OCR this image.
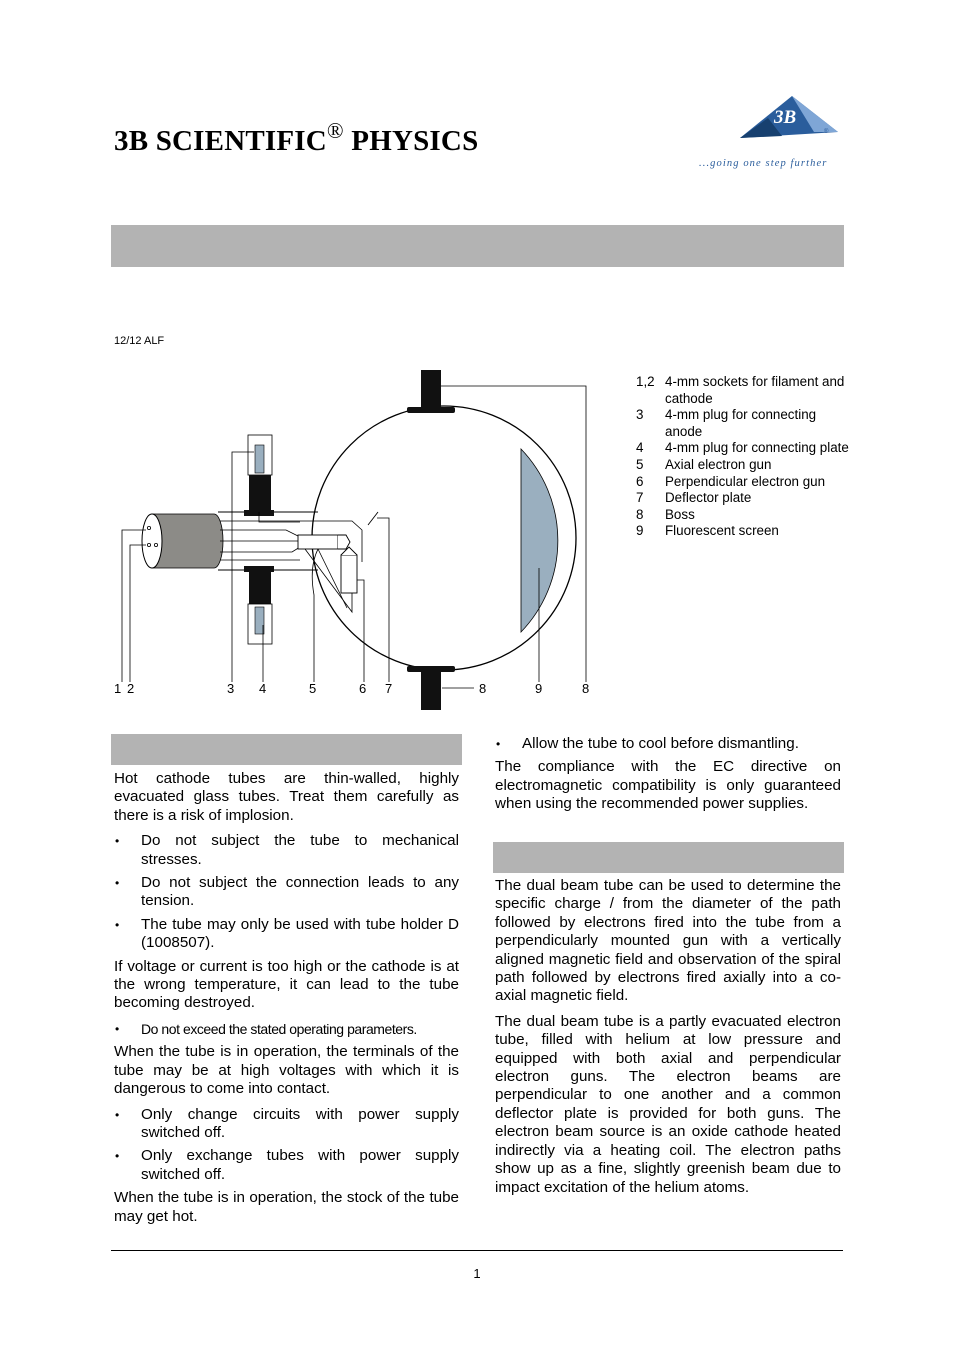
3B SCIENTIFIC® PHYSICS
3B
®
...going one step further
12/12 ALF
1 2	3 4	5	6 7	8	9	8
1,2 4-mm sockets for filament and cathode
3	4-mm plug for connecting anode
4	4-mm plug for connecting plate
5	Axial electron gun
6	Perpendicular electron gun
7	Deflector plate
8	Boss
9	Fluorescent screen

Hot cathode tubes are thin-walled, highly evacuated glass tubes. Treat them carefully as there is a risk of implosion.

• Do not subject the tube to mechanical stresses.
• Do not subject the connection leads to any tension.
• The tube may only be used with tube holder D (1008507).

If voltage or current is too high or the cathode is at the wrong temperature, it can lead to the tube becoming destroyed.

• Do not exceed the stated operating parameters.

When the tube is in operation, the terminals of the tube may be at high voltages with which it is dangerous to come into contact.

• Only change circuits with power supply switched off.
• Only exchange tubes with power supply switched off.

When the tube is in operation, the stock of the tube may get hot.

• Allow the tube to cool before dismantling.

The compliance with the EC directive on electromagnetic compatibility is only guaranteed when using the recommended power supplies.

The dual beam tube can be used to determine the specific charge / from the diameter of the path followed by electrons fired into the tube from a perpendicularly mounted gun with a vertically aligned magnetic field and observation of the spiral path followed by electrons fired axially into a co-axial magnetic field.

The dual beam tube is a partly evacuated electron tube, filled with helium at low pressure and equipped with both axial and perpendicular electron guns. The electron beams are perpendicular to one another and a common deflector plate is provided for both guns. The electron beam source is an oxide cathode heated indirectly via a heating coil. The electron paths show up as a fine, slightly greenish beam due to impact excitation of the helium atoms.

1
